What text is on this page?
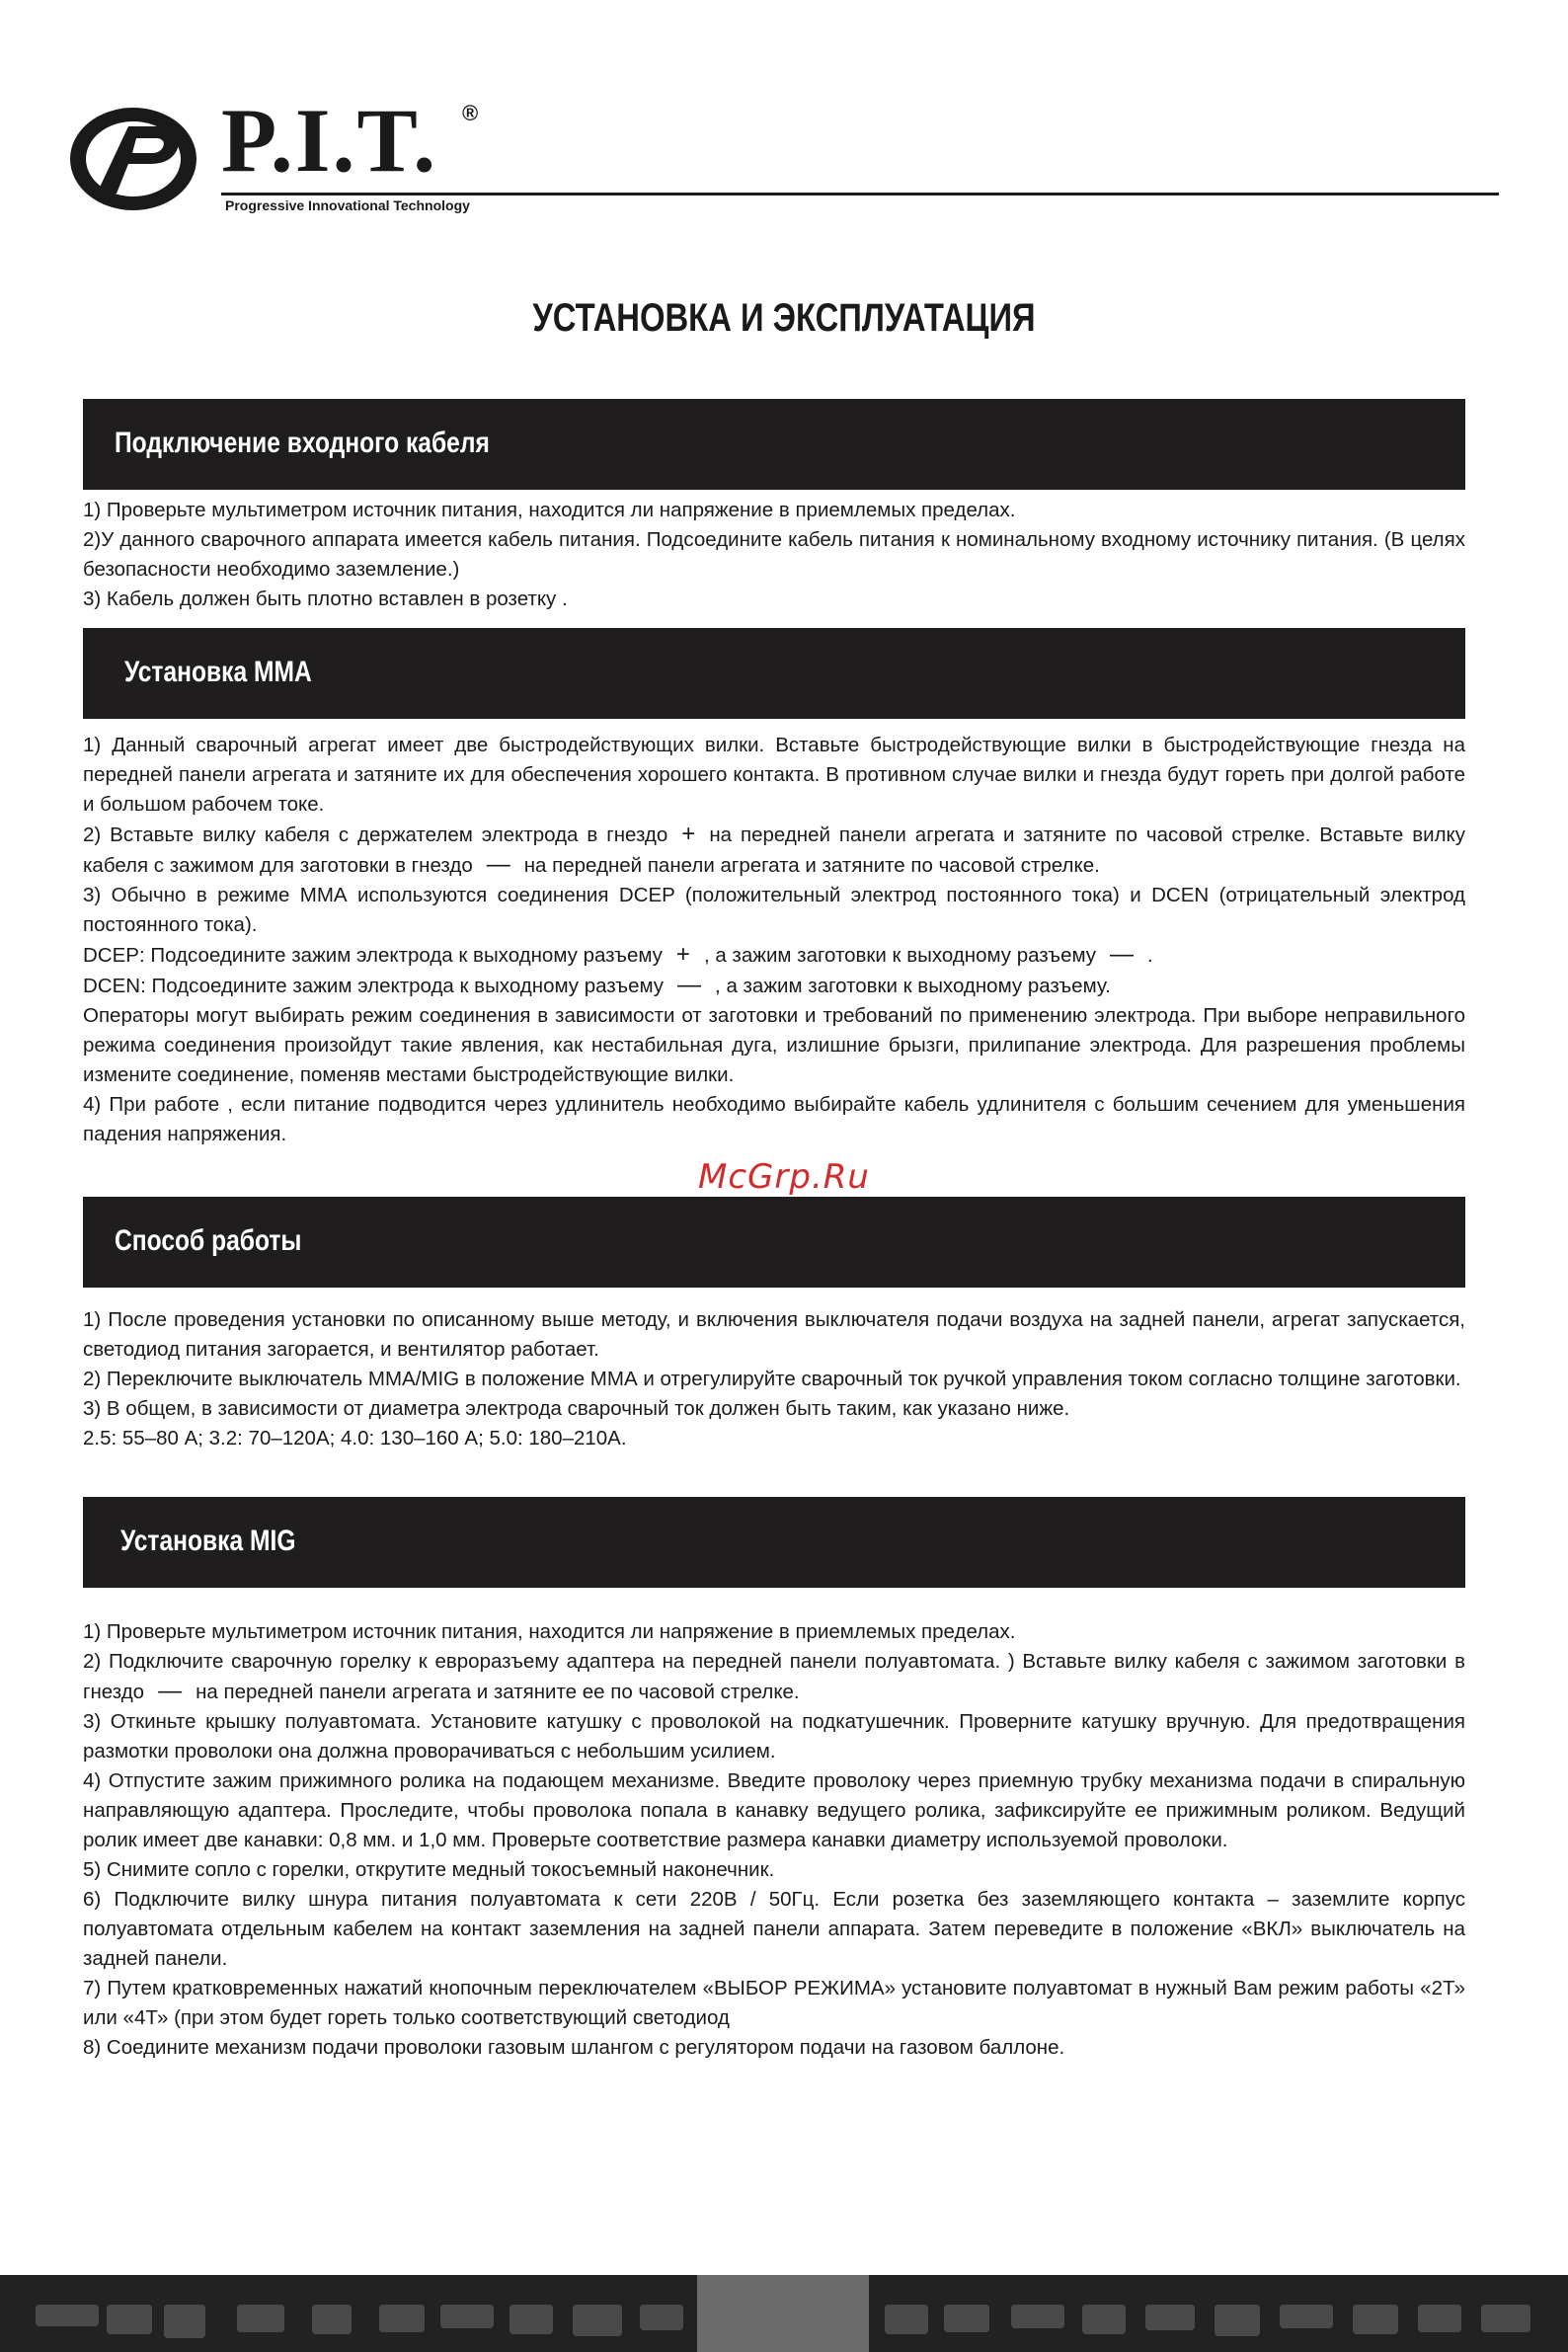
P.I.T. ®
Progressive Innovational Technology
УСТАНОВКА И ЭКСПЛУАТАЦИЯ
Подключение входного кабеля

1) Проверьте мультиметром источник питания, находится ли напряжение в приемлемых пределах.

2)У данного сварочного аппарата имеется кабель питания. Подсоедините кабель питания к номинальному входному источнику питания. (В целях безопасности необходимо заземление.)

3) Кабель должен быть плотно вставлен в розетку .

Установка ММА

1) Данный сварочный агрегат имеет две быстродействующих вилки. Вставьте быстродействующие вилки в быстродействующие гнезда на передней панели агрегата и затяните их для обеспечения хорошего контакта. В противном случае вилки и гнезда будут гореть при долгой работе и большом рабочем токе.

2) Вставьте вилку кабеля с держателем электрода в гнездо + на передней панели агрегата и затяните по часовой стрелке. Вставьте вилку кабеля с зажимом для заготовки в гнездо — на передней панели агрегата и затяните по часовой стрелке.

3) Обычно в режиме ММА используются соединения DCEP (положительный электрод постоянного тока) и DCEN (отрицательный электрод постоянного тока).

DCEP: Подсоедините зажим электрода к выходному разъему + , а зажим заготовки к выходному разъему — .

DCEN: Подсоедините зажим электрода к выходному разъему — , а зажим заготовки к выходному разъему.

Операторы могут выбирать режим соединения в зависимости от заготовки и требований по применению электрода. При выборе неправильного режима соединения произойдут такие явления, как нестабильная дуга, излишние брызги, прилипание электрода. Для разрешения проблемы измените соединение, поменяв местами быстродействующие вилки.

4) При работе , если питание подводится через удлинитель необходимо выбирайте кабель удлинителя с большим сечением для уменьшения падения напряжения.

McGrp.Ru
Способ работы

1) После проведения установки по описанному выше методу, и включения выключателя подачи воздуха на задней панели, агрегат запускается, светодиод питания загорается, и вентилятор работает.

2) Переключите выключатель ММА/MIG в положение ММА и отрегулируйте сварочный ток ручкой управления током согласно толщине заготовки.

3) В общем, в зависимости от диаметра электрода сварочный ток должен быть таким, как указано ниже.

2.5: 55–80 А; 3.2: 70–120А; 4.0: 130–160 А; 5.0: 180–210А.

Установка MIG

1) Проверьте мультиметром источник питания, находится ли напряжение в приемлемых пределах.

2) Подключите сварочную горелку к евроразъему адаптера на передней панели полуавтомата. ) Вставьте вилку кабеля с зажимом заготовки в гнездо — на передней панели агрегата и затяните ее по часовой стрелке.

3) Откиньте крышку полуавтомата. Установите катушку с проволокой на подкатушечник. Проверните катушку вручную. Для предотвращения размотки проволоки она должна проворачиваться с небольшим усилием.

4) Отпустите зажим прижимного ролика на подающем механизме. Введите проволоку через приемную трубку механизма подачи в спиральную направляющую адаптера. Проследите, чтобы проволока попала в канавку ведущего ролика, зафиксируйте ее прижимным роликом. Ведущий ролик имеет две канавки: 0,8 мм. и 1,0 мм. Проверьте соответствие размера канавки диаметру используемой проволоки.

5) Снимите сопло с горелки, открутите медный токосъемный наконечник.

6) Подключите вилку шнура питания полуавтомата к сети 220В / 50Гц. Если розетка без заземляющего контакта – заземлите корпус полуавтомата отдельным кабелем на контакт заземления на задней панели аппарата. Затем переведите в положение «ВКЛ» выключатель на задней панели.

7) Путем кратковременных нажатий кнопочным переключателем «ВЫБОР РЕЖИМА» установите полуавтомат в нужный Вам режим работы «2Т» или «4Т» (при этом будет гореть только соответствующий светодиод

8) Соедините механизм подачи проволоки газовым шлангом с регулятором подачи на газовом баллоне.
